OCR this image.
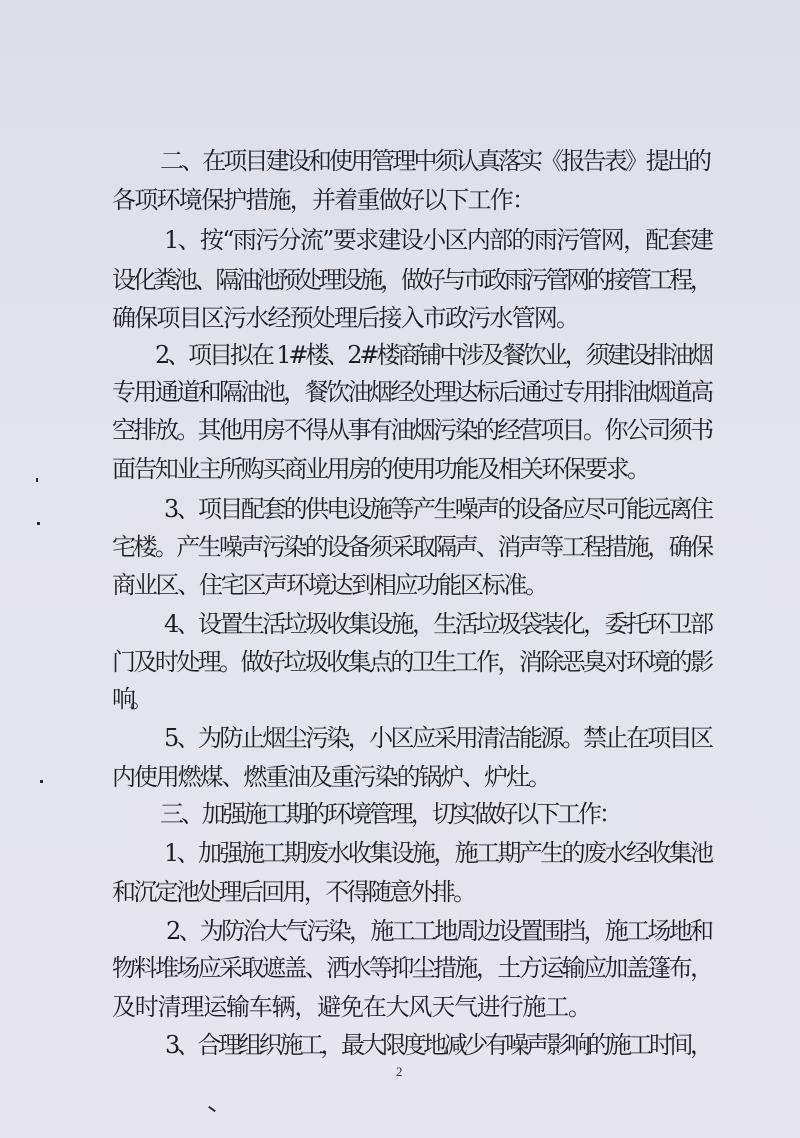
二、在项目建设和使用管理中须认真落实《报告表》提出的
各项环境保护措施，并着重做好以下工作：
1、按“雨污分流”要求建设小区内部的雨污管网，配套建
设化粪池、隔油池预处理设施，做好与市政雨污管网的接管工程，
确保项目区污水经预处理后接入市政污水管网。
2、项目拟在 1#楼、2#楼商铺中涉及餐饮业，须建设排油烟
专用通道和隔油池，餐饮油烟经处理达标后通过专用排油烟道高
空排放。其他用房不得从事有油烟污染的经营项目。你公司须书
面告知业主所购买商业用房的使用功能及相关环保要求。
3、项目配套的供电设施等产生噪声的设备应尽可能远离住
宅楼。产生噪声污染的设备须采取隔声、消声等工程措施，确保
商业区、住宅区声环境达到相应功能区标准。
4、设置生活垃圾收集设施，生活垃圾袋装化，委托环卫部
门及时处理。做好垃圾收集点的卫生工作，消除恶臭对环境的影
响。
5、为防止烟尘污染，小区应采用清洁能源。禁止在项目区
内使用燃煤、燃重油及重污染的锅炉、炉灶。
三、加强施工期的环境管理，切实做好以下工作：
1、加强施工期废水收集设施，施工期产生的废水经收集池
和沉定池处理后回用，不得随意外排。
2、为防治大气污染，施工工地周边设置围挡，施工场地和
物料堆场应采取遮盖、洒水等抑尘措施，土方运输应加盖篷布，
及时清理运输车辆，避免在大风天气进行施工。
3、合理组织施工，最大限度地减少有噪声影响的施工时间，
2
